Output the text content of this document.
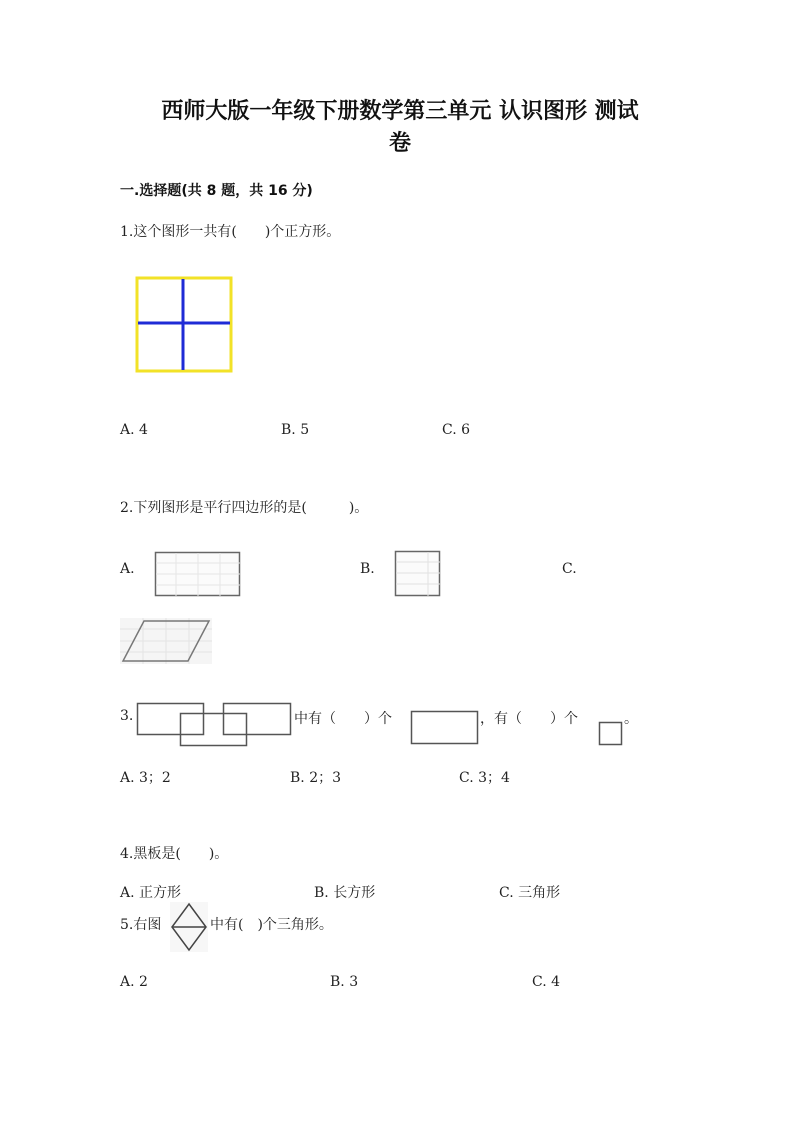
西师大版一年级下册数学第三单元 认识图形 测试
卷
一.选择题(共 8 题，共 16 分)
1.这个图形一共有(　　)个正方形。
A. 4	B. 5	C. 6
2.下列图形是平行四边形的是(　　　)。
A.	B.	C.
3.	中有（　　）个	，有（　　）个	。
A. 3；2	B. 2；3	C. 3；4
4.黑板是(　　)。
A. 正方形	B. 长方形	C. 三角形
5.右图	中有(　)个三角形。
A. 2	B. 3	C. 4
